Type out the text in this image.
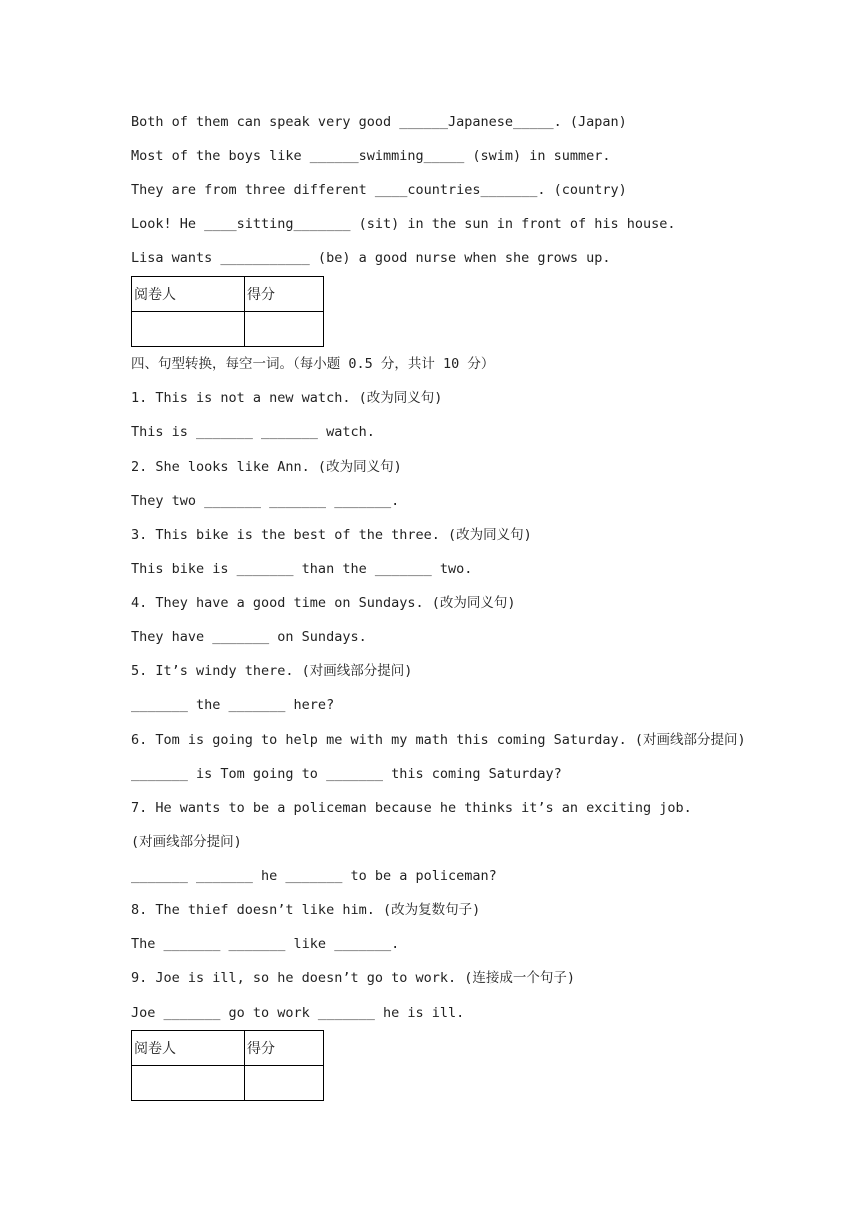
Both of them can speak very good ______Japanese_____. (Japan)
Most of the boys like ______swimming_____ (swim) in summer.
They are from three different ____countries_______. (country)
Look! He ____sitting_______ (sit) in the sun in front of his house.
Lisa wants ___________ (be) a good nurse when she grows up.
阅卷人	得分

四、句型转换，每空一词。（每小题 0.5 分，共计 10 分）
1. This is not a new watch. (改为同义句)
This is _______ _______ watch.
2. She looks like Ann. (改为同义句)
They two _______ _______ _______.
3. This bike is the best of the three. (改为同义句)
This bike is _______ than the _______ two.
4. They have a good time on Sundays. (改为同义句)
They have _______ on Sundays.
5. It’s windy there. (对画线部分提问)
_______ the _______ here?
6. Tom is going to help me with my math this coming Saturday. (对画线部分提问)
_______ is Tom going to _______ this coming Saturday?
7. He wants to be a policeman because he thinks it’s an exciting job.
(对画线部分提问)
_______ _______ he _______ to be a policeman?
8. The thief doesn’t like him. (改为复数句子)
The _______ _______ like _______.
9. Joe is ill, so he doesn’t go to work. (连接成一个句子)
Joe _______ go to work _______ he is ill.
阅卷人	得分
